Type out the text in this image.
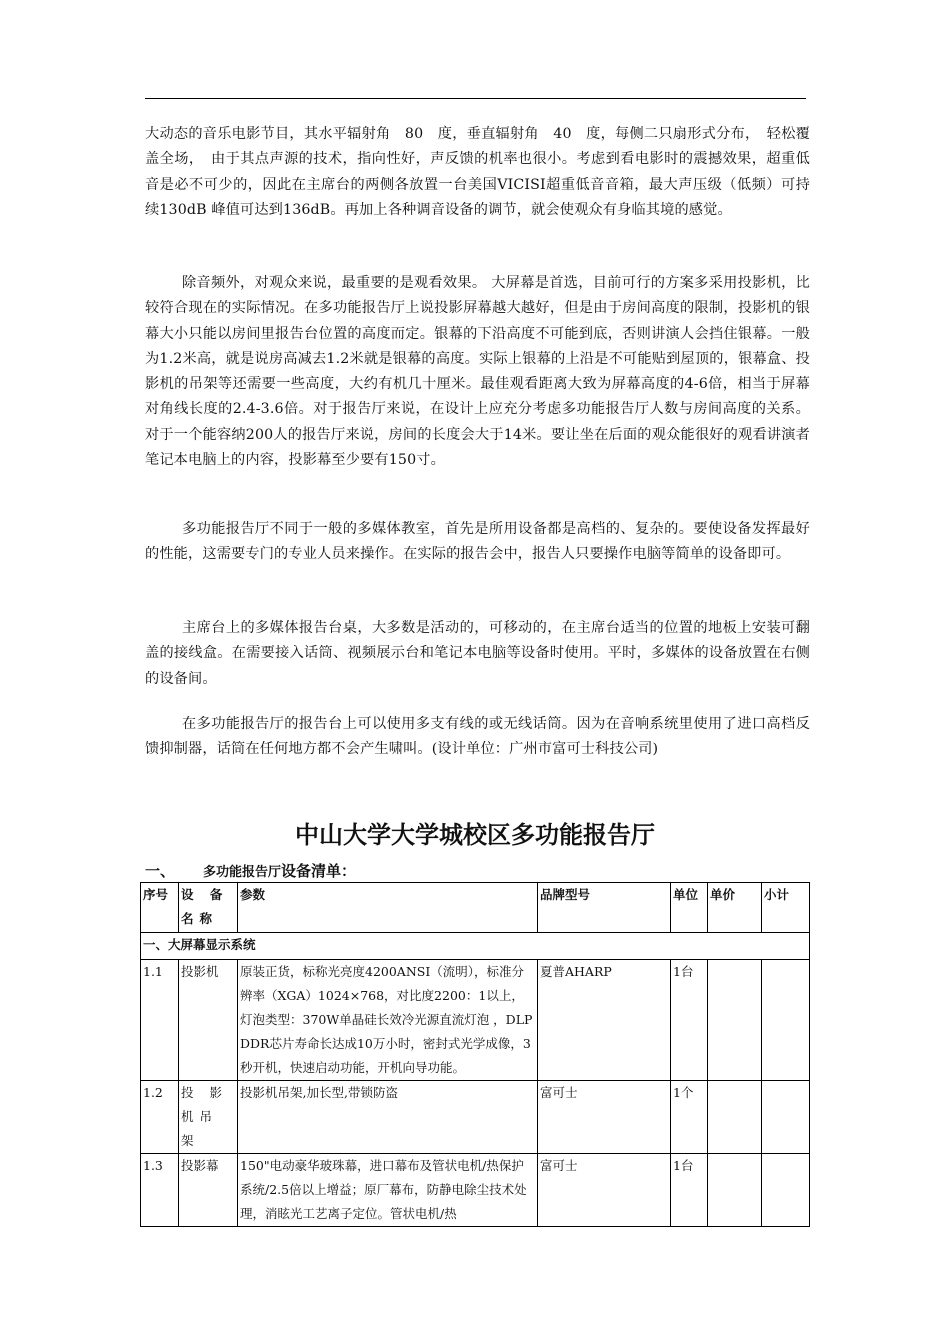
大动态的音乐电影节目，其水平辐射角　80　度，垂直辐射角　40　度，每侧二只扇形式分布，　轻松覆盖全场，　由于其点声源的技术，指向性好，声反馈的机率也很小。考虑到看电影时的震撼效果，超重低音是必不可少的，因此在主席台的两侧各放置一台美国VICISI超重低音音箱，最大声压级（低频）可持续130dB 峰值可达到136dB。再加上各种调音设备的调节，就会使观众有身临其境的感觉。
除音频外，对观众来说，最重要的是观看效果。 大屏幕是首选，目前可行的方案多采用投影机，比较符合现在的实际情况。在多功能报告厅上说投影屏幕越大越好，但是由于房间高度的限制，投影机的银幕大小只能以房间里报告台位置的高度而定。银幕的下沿高度不可能到底，否则讲演人会挡住银幕。一般为1.2米高，就是说房高减去1.2米就是银幕的高度。实际上银幕的上沿是不可能贴到屋顶的，银幕盒、投影机的吊架等还需要一些高度，大约有机几十厘米。最佳观看距离大致为屏幕高度的4-6倍，相当于屏幕对角线长度的2.4-3.6倍。对于报告厅来说，在设计上应充分考虑多功能报告厅人数与房间高度的关系。对于一个能容纳200人的报告厅来说，房间的长度会大于14米。要让坐在后面的观众能很好的观看讲演者笔记本电脑上的内容，投影幕至少要有150寸。
多功能报告厅不同于一般的多媒体教室，首先是所用设备都是高档的、复杂的。要使设备发挥最好的性能，这需要专门的专业人员来操作。在实际的报告会中，报告人只要操作电脑等简单的设备即可。
主席台上的多媒体报告台桌，大多数是活动的，可移动的，在主席台适当的位置的地板上安装可翻盖的接线盒。在需要接入话筒、视频展示台和笔记本电脑等设备时使用。平时，多媒体的设备放置在右侧的设备间。
在多功能报告厅的报告台上可以使用多支有线的或无线话筒。因为在音响系统里使用了进口高档反馈抑制器，话筒在任何地方都不会产生啸叫。(设计单位：广州市富可士科技公司)
中山大学大学城校区多功能报告厅
一、 多功能报告厅设备清单：
序号	设 备 名称	参数	品牌型号	单位	单价	小计
一、大屏幕显示系统						
1.1	投影机	原装正货，标称光亮度4200ANSI（流明），标准分辨率（XGA）1024×768，对比度2200：1以上，灯泡类型：370W单晶硅长效冷光源直流灯泡 ，DLP DDR芯片寿命长达成10万小时，密封式光学成像，3秒开机，快速启动功能，开机向导功能。	夏普AHARP	1台		
1.2	投 影 机吊架	投影机吊架,加长型,带锁防盗	富可士	1个		
1.3	投影幕	150"电动豪华玻珠幕，进口幕布及管状电机/热保护系统/2.5倍以上增益；原厂幕布，防静电除尘技术处理，消眩光工艺离子定位。管状电机/热	富可士	1台		
